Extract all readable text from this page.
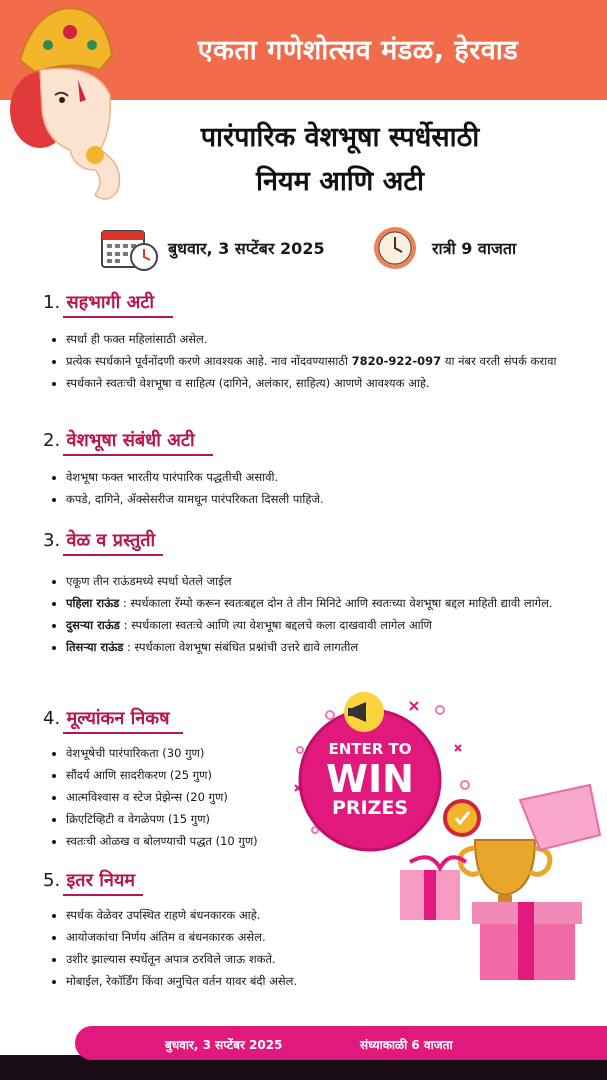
एकता गणेशोत्सव मंडळ, हेरवाड
पारंपारिक वेशभूषा स्पर्धेसाठी
नियम आणि अटी
बुधवार, 3 सप्टेंबर 2025	रात्री 9 वाजता
1. सहभागी अटी
• स्पर्धा ही फक्त महिलांसाठी असेल.
• प्रत्येक स्पर्धकाने पूर्वनोंदणी करणे आवश्यक आहे. नाव नोंदवण्यासाठी 7820-922-097 या नंबर वरती संपर्क करावा
• स्पर्धकाने स्वतःची वेशभूषा व साहित्य (दागिने, अलंकार, साहित्य) आणणे आवश्यक आहे.
2. वेशभूषा संबंधी अटी
• वेशभूषा फक्त भारतीय पारंपारिक पद्धतीची असावी.
• कपडे, दागिने, ॲक्सेसरीज यामधून पारंपरिकता दिसली पाहिजे.
3. वेळ व प्रस्तुती
• एकूण तीन राऊंडमध्ये स्पर्धा घेतले जाईल
• पहिला राऊंड : स्पर्धकाला रॅम्पो करून स्वतःबद्दल दोन ते तीन मिनिटे आणि स्वतःच्या वेशभूषा बद्दल माहिती द्यावी लागेल.
• दुसऱ्या राऊंड : स्पर्धकाला स्वतःचे आणि त्या वेशभूषा बद्दलचे कला दाखवावी लागेल आणि
• तिसऱ्या राऊंड : स्पर्धकाला वेशभूषा संबंधित प्रश्नांची उत्तरे द्यावे लागतील
4. मूल्यांकन निकष
• वेशभूषेची पारंपारिकता (30 गुण)
• सौंदर्य आणि सादरीकरण (25 गुण)
• आत्मविश्वास व स्टेज प्रेझेन्स (20 गुण)
• क्रिएटिव्हिटी व वेगळेपण (15 गुण)
• स्वतःची ओळख व बोलण्याची पद्धत (10 गुण)
5. इतर नियम
• स्पर्धक वेळेवर उपस्थित राहणे बंधनकारक आहे.
• आयोजकांचा निर्णय अंतिम व बंधनकारक असेल.
• उशीर झाल्यास स्पर्धेतून अपात्र ठरविले जाऊ शकते.
• मोबाईल, रेकॉर्डिंग किंवा अनुचित वर्तन यावर बंदी असेल.
ENTER TO
WIN
PRIZES
बुधवार, 3 सप्टेंबर 2025	संध्याकाळी 6 वाजता
